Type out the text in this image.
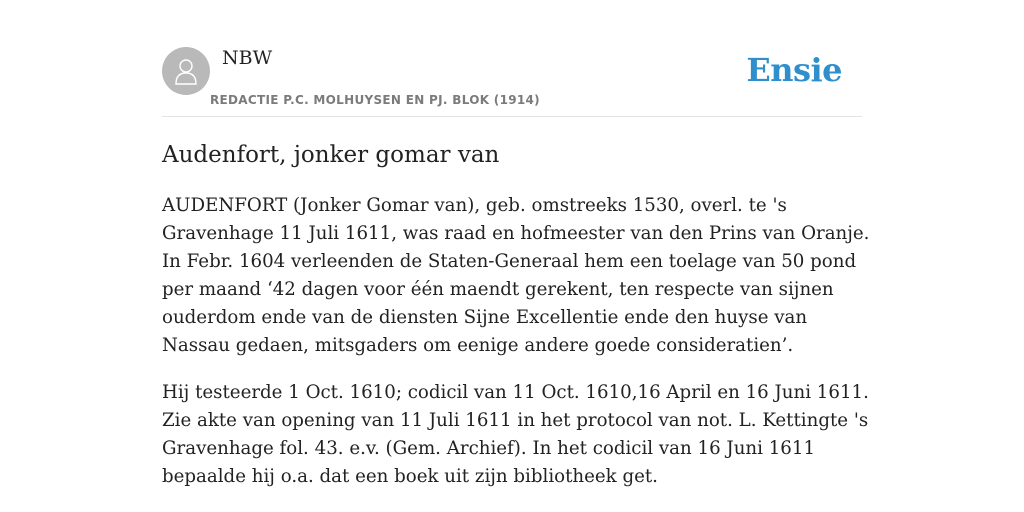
NBW
REDACTIE P.C. MOLHUYSEN EN PJ. BLOK (1914)
Ensie
Audenfort, jonker gomar van

AUDENFORT (Jonker Gomar van), geb. omstreeks 1530, overl. te 's Gravenhage 11 Juli 1611, was raad en hofmeester van den Prins van Oranje. In Febr. 1604 verleenden de Staten-Generaal hem een toelage van 50 pond per maand ‘42 dagen voor één maendt gerekent, ten respecte van sijnen ouderdom ende van de diensten Sijne Excellentie ende den huyse van Nassau gedaen, mitsgaders om eenige andere goede consideratien’.

Hij testeerde 1 Oct. 1610; codicil van 11 Oct. 1610,16 April en 16 Juni 1611. Zie akte van opening van 11 Juli 1611 in het protocol van not. L. Kettingte 's Gravenhage fol. 43. e.v. (Gem. Archief). In het codicil van 16 Juni 1611 bepaalde hij o.a. dat een boek uit zijn bibliotheek get.
